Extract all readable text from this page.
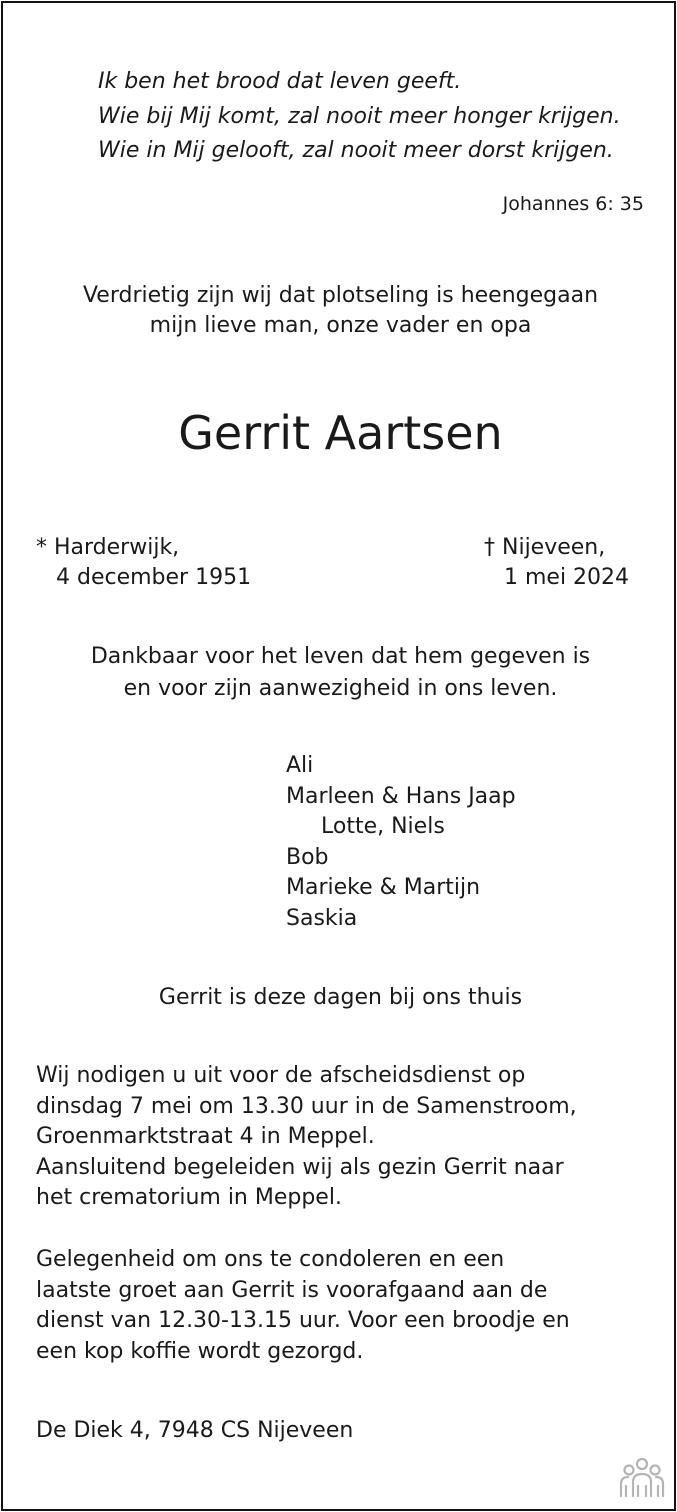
Ik ben het brood dat leven geeft.
Wie bij Mij komt, zal nooit meer honger krijgen.
Wie in Mij gelooft, zal nooit meer dorst krijgen.
Johannes 6: 35
Verdrietig zijn wij dat plotseling is heengegaan
mijn lieve man, onze vader en opa
Gerrit Aartsen
* Harderwijk,
4 december 1951
† Nijeveen,
1 mei 2024
Dankbaar voor het leven dat hem gegeven is
en voor zijn aanwezigheid in ons leven.
Ali
Marleen & Hans Jaap
Lotte, Niels
Bob
Marieke & Martijn
Saskia
Gerrit is deze dagen bij ons thuis
Wij nodigen u uit voor de afscheidsdienst op
dinsdag 7 mei om 13.30 uur in de Samenstroom,
Groenmarktstraat 4 in Meppel.
Aansluitend begeleiden wij als gezin Gerrit naar
het crematorium in Meppel.
Gelegenheid om ons te condoleren en een
laatste groet aan Gerrit is voorafgaand aan de
dienst van 12.30-13.15 uur. Voor een broodje en
een kop koffie wordt gezorgd.
De Diek 4, 7948 CS Nijeveen
